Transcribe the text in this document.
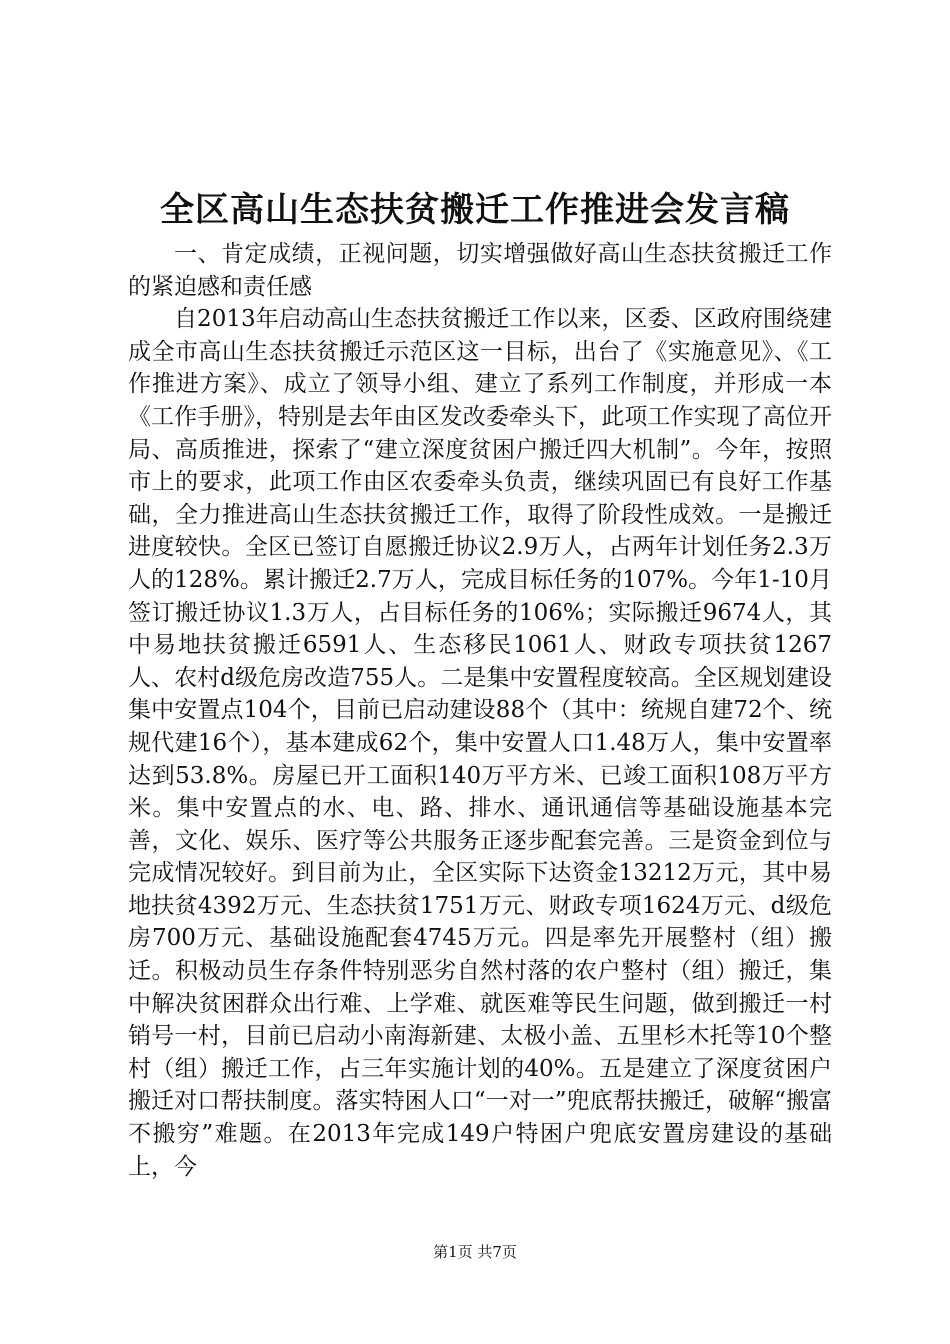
全区高山生态扶贫搬迁工作推进会发言稿

一、肯定成绩，正视问题，切实增强做好高山生态扶贫搬迁工作的紧迫感和责任感

自2013年启动高山生态扶贫搬迁工作以来，区委、区政府围绕建成全市高山生态扶贫搬迁示范区这一目标，出台了《实施意见》、《工作推进方案》、成立了领导小组、建立了系列工作制度，并形成一本《工作手册》，特别是去年由区发改委牵头下，此项工作实现了高位开局、高质推进，探索了“建立深度贫困户搬迁四大机制”。今年，按照市上的要求，此项工作由区农委牵头负责，继续巩固已有良好工作基础，全力推进高山生态扶贫搬迁工作，取得了阶段性成效。一是搬迁进度较快。全区已签订自愿搬迁协议2.9万人，占两年计划任务2.3万人的128%。累计搬迁2.7万人，完成目标任务的107%。今年1-10月签订搬迁协议1.3万人，占目标任务的106%；实际搬迁9674人，其中易地扶贫搬迁6591人、生态移民1061人、财政专项扶贫1267人、农村d级危房改造755人。二是集中安置程度较高。全区规划建设集中安置点104个，目前已启动建设88个（其中：统规自建72个、统规代建16个），基本建成62个，集中安置人口1.48万人，集中安置率达到53.8%。房屋已开工面积140万平方米、已竣工面积108万平方米。集中安置点的水、电、路、排水、通讯通信等基础设施基本完善，文化、娱乐、医疗等公共服务正逐步配套完善。三是资金到位与完成情况较好。到目前为止，全区实际下达资金13212万元，其中易地扶贫4392万元、生态扶贫1751万元、财政专项1624万元、d级危房700万元、基础设施配套4745万元。四是率先开展整村（组）搬迁。积极动员生存条件特别恶劣自然村落的农户整村（组）搬迁，集中解决贫困群众出行难、上学难、就医难等民生问题，做到搬迁一村销号一村，目前已启动小南海新建、太极小盖、五里杉木托等10个整村（组）搬迁工作，占三年实施计划的40%。五是建立了深度贫困户搬迁对口帮扶制度。落实特困人口“一对一”兜底帮扶搬迁，破解“搬富不搬穷”难题。在2013年完成149户特困户兜底安置房建设的基础上，今

第1页 共7页
